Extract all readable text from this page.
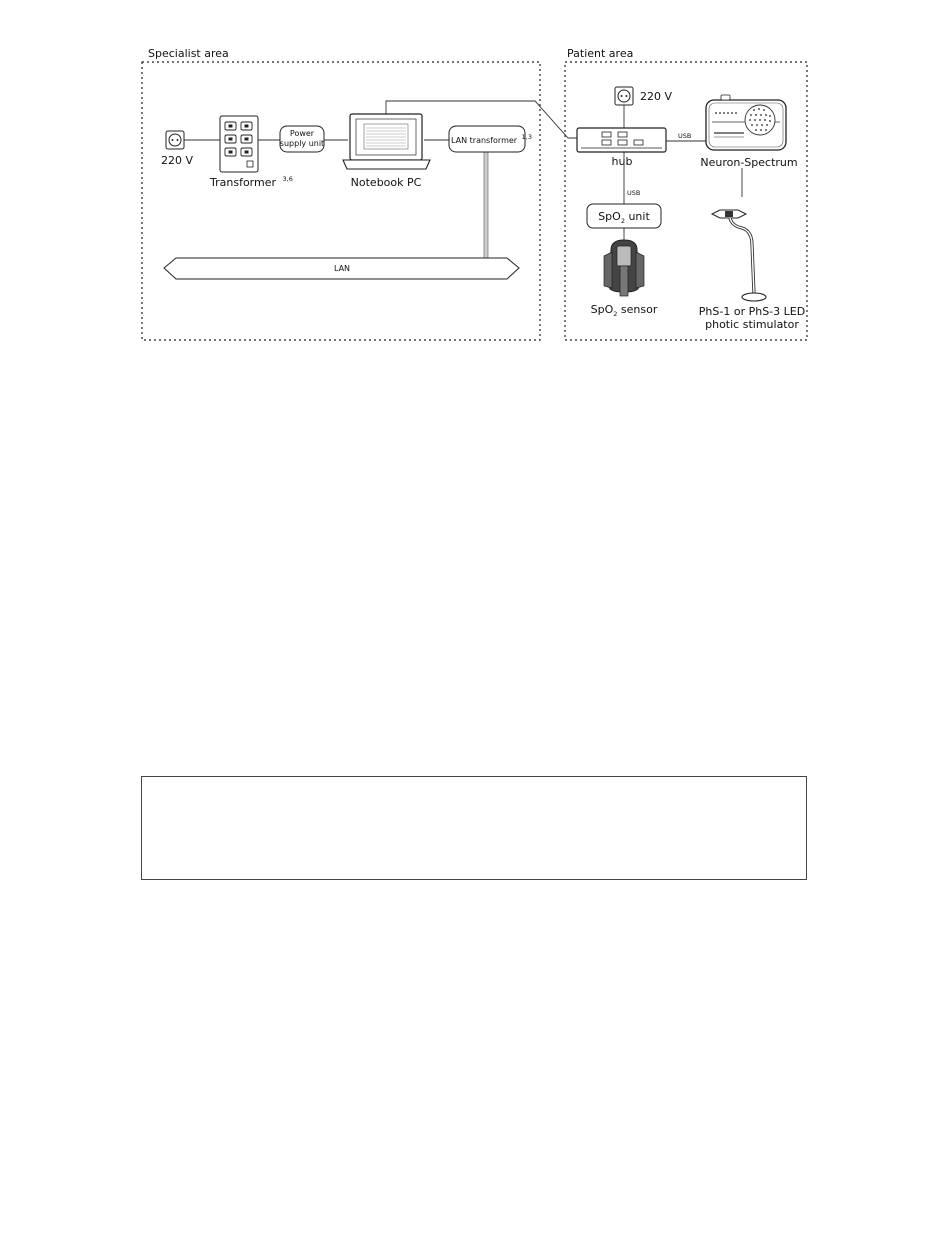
Specialist area	Patient area
220 V
Transformer $^{3,6}$
Power
supply unit
Notebook PC
LAN transformer $^{1,3}$
LAN
220 V
hub
USB
USB
Neuron-Spectrum
SpO$_2$ unit
SpO$_2$ sensor	PhS-1 or PhS-3 LED
photic stimulator
